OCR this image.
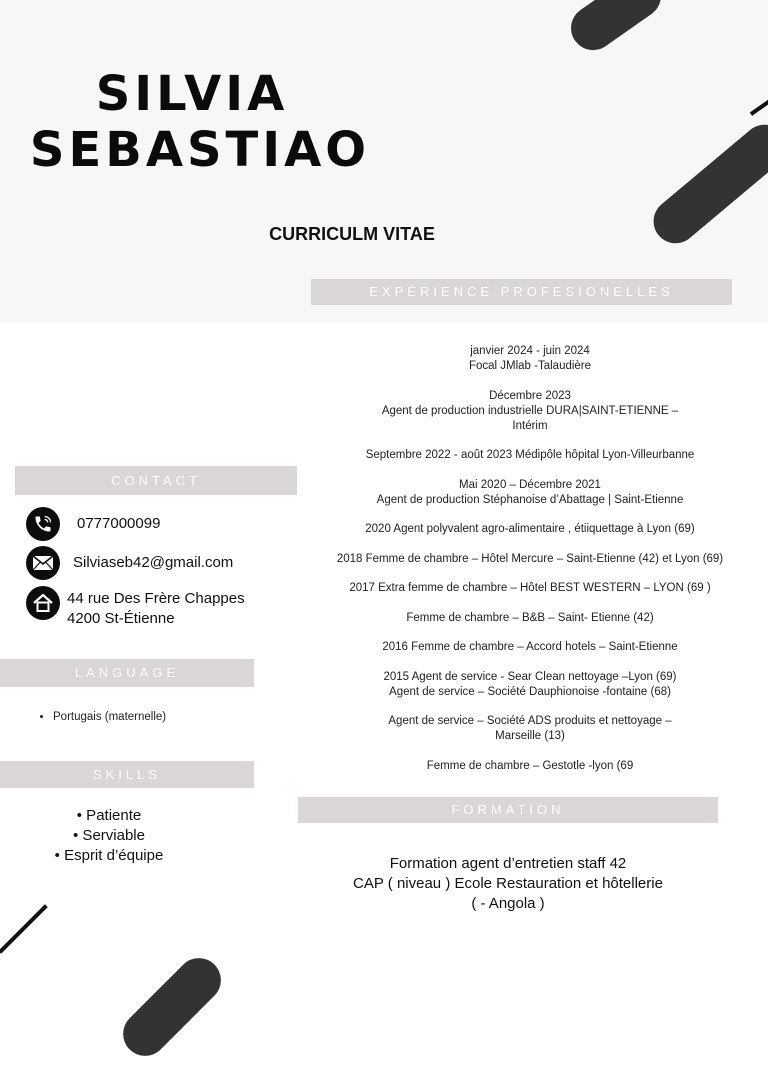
SILVIA
SEBASTIAO
CURRICULM VITAE
EXPÉRIENCE PROFESIONELLES
janvier 2024 - juin 2024
Focal JMlab -Talaudière
Décembre 2023
Agent de production industrielle DURA|SAINT-ETIENNE –
Intérim
Septembre 2022 - août 2023 Médipôle hôpital Lyon-Villeurbanne
Mai 2020 – Décembre 2021
Agent de production Stéphanoise d’Abattage | Saint-Etienne
2020 Agent polyvalent agro-alimentaire , étiiquettage à Lyon (69)
2018 Femme de chambre – Hôtel Mercure – Saint-Etienne (42) et Lyon (69)
2017 Extra femme de chambre – Hôtel BEST WESTERN – LYON (69 )
Femme de chambre – B&B – Saint- Etienne (42)
2016 Femme de chambre – Accord hotels – Saint-Etienne
2015 Agent de service - Sear Clean nettoyage –Lyon (69)
Agent de service – Société Dauphionoise -fontaine (68)
Agent de service – Société ADS produits et nettoyage –
Marseille (13)
Femme de chambre – Gestotle -lyon (69
CONTACT
0777000099
Silviaseb42@gmail.com
44 rue Des Frère Chappes
4200 St-Étienne
LANGUAGE
• Portugais (maternelle)
SKILLS
• Patiente
• Serviable
• Esprit d’équipe
FORMATION
Formation agent d’entretien staff 42
CAP ( niveau ) Ecole Restauration et hôtellerie
( - Angola )
